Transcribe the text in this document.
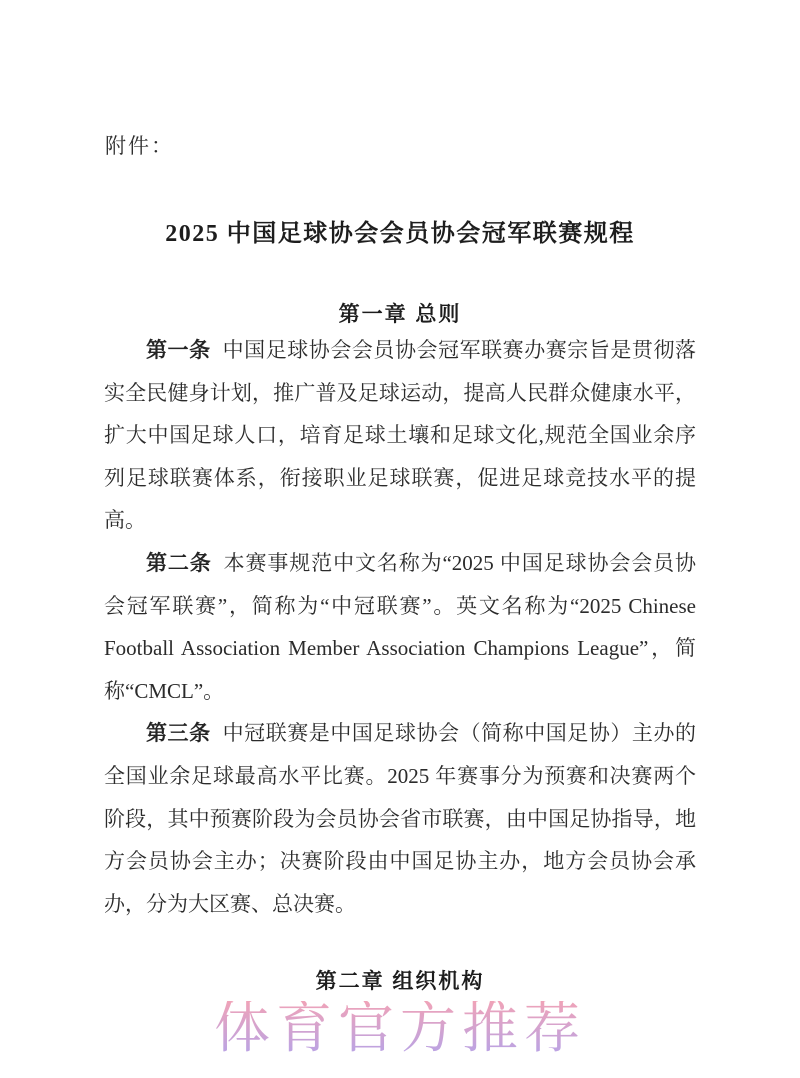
附件：
2025 中国足球协会会员协会冠军联赛规程
第一章 总则

第一条 中国足球协会会员协会冠军联赛办赛宗旨是贯彻落实全民健身计划，推广普及足球运动，提高人民群众健康水平，扩大中国足球人口，培育足球土壤和足球文化,规范全国业余序列足球联赛体系，衔接职业足球联赛，促进足球竞技水平的提高。

第二条 本赛事规范中文名称为“2025 中国足球协会会员协会冠军联赛”，简称为“中冠联赛”。英文名称为“2025 Chinese Football Association Member Association Champions League”，简称“CMCL”。

第三条 中冠联赛是中国足球协会（简称中国足协）主办的全国业余足球最高水平比赛。2025 年赛事分为预赛和决赛两个阶段，其中预赛阶段为会员协会省市联赛，由中国足协指导，地方会员协会主办；决赛阶段由中国足协主办，地方会员协会承办，分为大区赛、总决赛。

第二章 组织机构
体育官方推荐
